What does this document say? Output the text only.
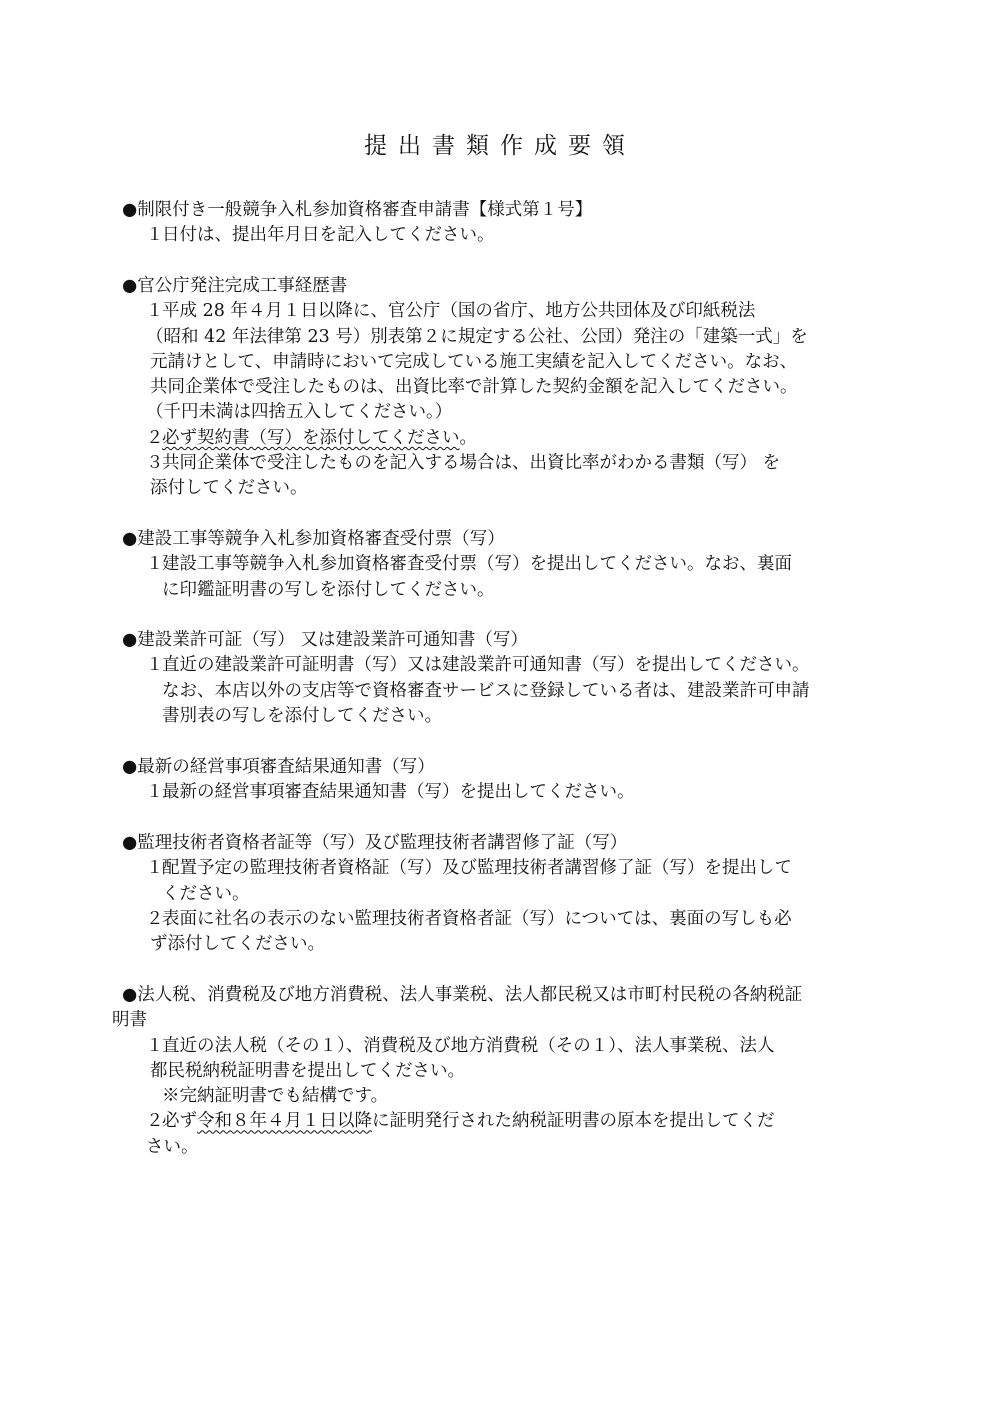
提出書類作成要領
●制限付き一般競争入札参加資格審査申請書【様式第１号】
１
日付は、提出年月日を記入してください。
●官公庁発注完成工事経歴書
１
平成 28 年４月１日以降に、官公庁（国の省庁、地方公共団体及び印紙税法
（昭和 42 年法律第 23 号）別表第２に規定する公社、公団）発注の「建築一式」を
元請けとして、申請時において完成している施工実績を記入してください。なお、
共同企業体で受注したものは、出資比率で計算した契約金額を記入してください。
（千円未満は四捨五入してください。）
２
必ず契約書（写）を添付してください。
３
共同企業体で受注したものを記入する場合は、出資比率がわかる書類（写） を
添付してください。
●建設工事等競争入札参加資格審査受付票（写）
１
建設工事等競争入札参加資格審査受付票（写）を提出してください。なお、裏面
に印鑑証明書の写しを添付してください。
●建設業許可証（写） 又は建設業許可通知書（写）
１
直近の建設業許可証明書（写）又は建設業許可通知書（写）を提出してください。
なお、本店以外の支店等で資格審査サービスに登録している者は、建設業許可申請
書別表の写しを添付してください。
●最新の経営事項審査結果通知書（写）
１
最新の経営事項審査結果通知書（写）を提出してください。
●監理技術者資格者証等（写）及び監理技術者講習修了証（写）
１
配置予定の監理技術者資格証（写）及び監理技術者講習修了証（写）を提出して
ください。
２
表面に社名の表示のない監理技術者資格者証（写）については、裏面の写しも必
ず添付してください。
●法人税、消費税及び地方消費税、法人事業税、法人都民税又は市町村民税の各納税証
明書
１
直近の法人税（その１）、消費税及び地方消費税（その１）、法人事業税、法人
都民税納税証明書を提出してください。
※完納証明書でも結構です。
２
必ず令和８年４月１日以降に証明発行された納税証明書の原本を提出してくだ
さい。
